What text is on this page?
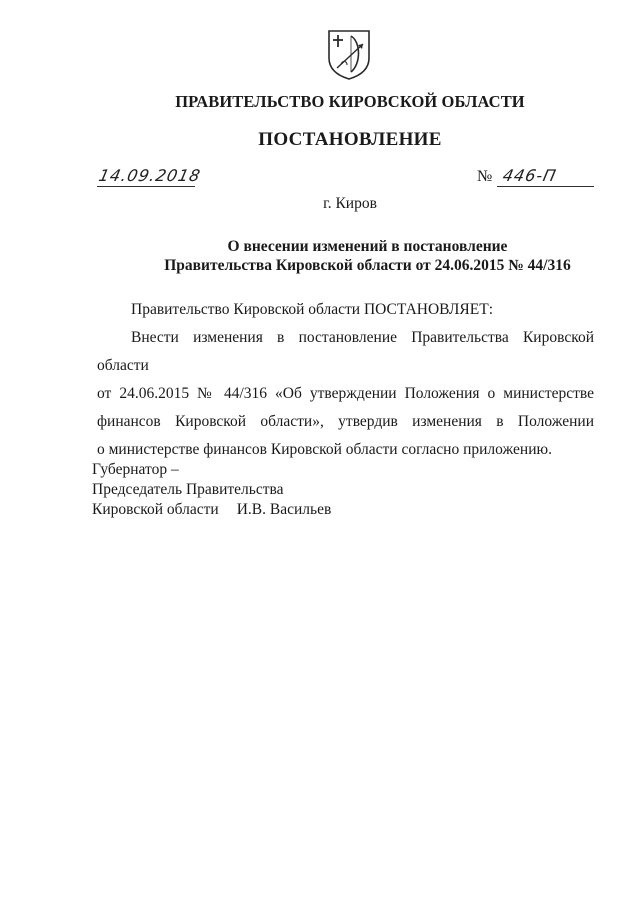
ПРАВИТЕЛЬСТВО КИРОВСКОЙ ОБЛАСТИ
ПОСТАНОВЛЕНИЕ
14.09.2018	№ 446-П
г. Киров
О внесении изменений в постановление
Правительства Кировской области от 24.06.2015 № 44/316

Правительство Кировской области ПОСТАНОВЛЯЕТ:

Внести изменения в постановление Правительства Кировской области

от 24.06.2015 № 44/316 «Об утверждении Положения о министерстве

финансов Кировской области», утвердив изменения в Положении

о министерстве финансов Кировской области согласно приложению.

Губернатор –
Председатель Правительства
Кировской области И.В. Васильев
